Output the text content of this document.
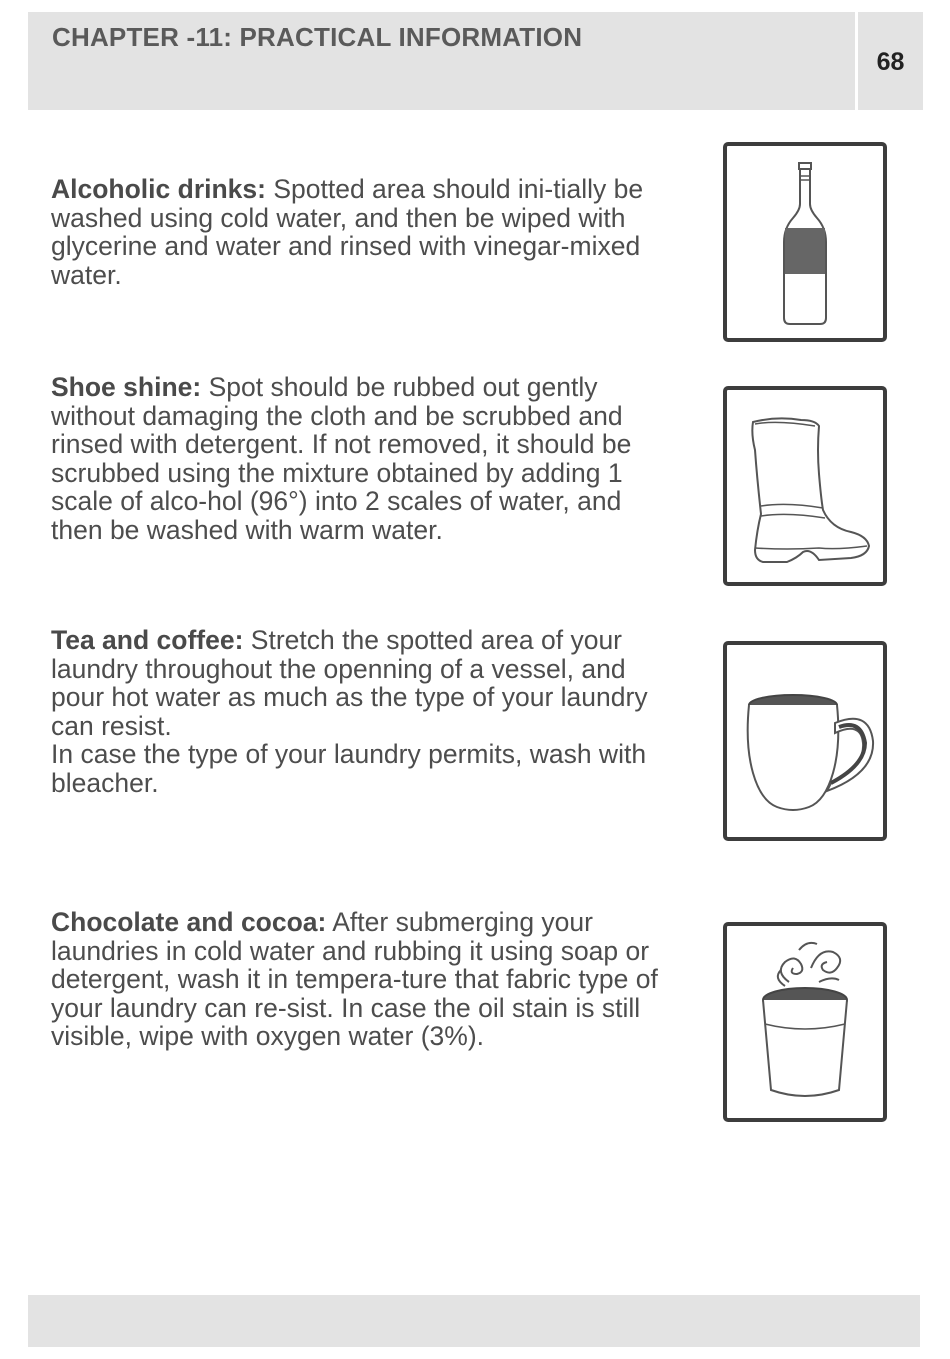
CHAPTER -11: PRACTICAL INFORMATION
68
Alcoholic drinks: Spotted area should ini-tially be washed using cold water, and then be wiped with glycerine and water and rinsed with vinegar-mixed water.
Shoe shine: Spot should be rubbed out gently without damaging the cloth and be scrubbed and rinsed with detergent. If not removed, it should be scrubbed using the mixture obtained by adding 1 scale of alco-hol (96°) into 2 scales of water, and then be washed with warm water.
Tea and coffee: Stretch the spotted area of your laundry throughout the openning of a vessel, and pour hot water as much as the type of your laundry can resist.
In case the type of your laundry permits, wash with bleacher.
Chocolate and cocoa: After submerging your laundries in cold water and rubbing it using soap or detergent, wash it in tempera-ture that fabric type of your laundry can re-sist. In case the oil stain is still visible, wipe with oxygen water (3%).
